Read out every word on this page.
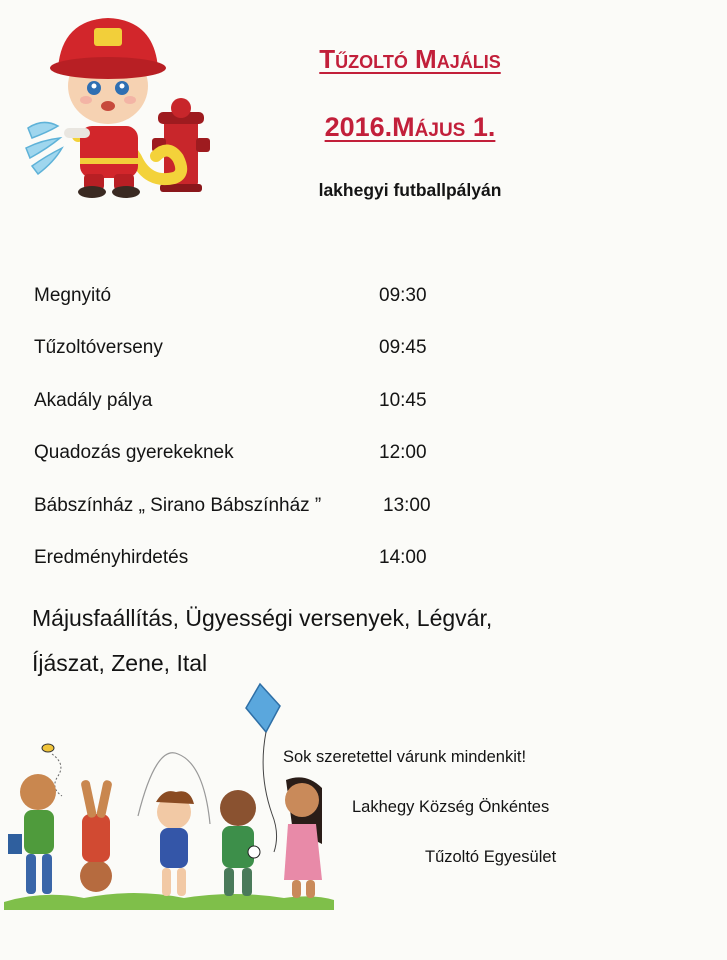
Tűzoltó Majális
2016.Május 1.
lakhegyi futballpályán
Megnyitó	09:30
Tűzoltóverseny	09:45
Akadály pálya	10:45
Quadozás gyerekeknek	12:00
Bábszínház „ Sirano Bábszínház ”	13:00
Eredményhirdetés	14:00
Májusfaállítás, Ügyességi versenyek, Légvár,
Íjászat, Zene, Ital
Sok szeretettel várunk mindenkit!
Lakhegy Község Önkéntes
Tűzoltó Egyesület
